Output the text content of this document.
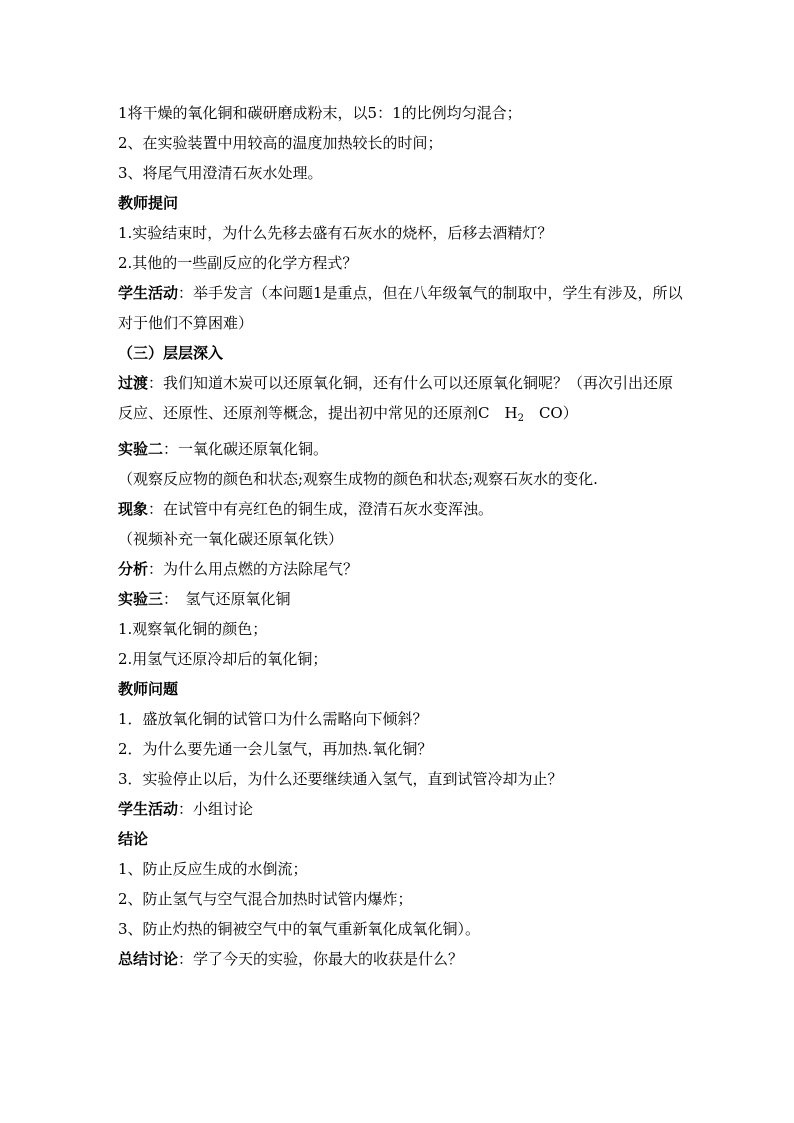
1将干燥的氧化铜和碳研磨成粉末，以5：1的比例均匀混合；
2、在实验装置中用较高的温度加热较长的时间；
3、将尾气用澄清石灰水处理。
教师提问
1.实验结束时，为什么先移去盛有石灰水的烧杯，后移去酒精灯？
2.其他的一些副反应的化学方程式？
学生活动：举手发言（本问题1是重点，但在八年级氧气的制取中，学生有涉及，所以对于他们不算困难）
（三）层层深入
过渡：我们知道木炭可以还原氧化铜，还有什么可以还原氧化铜呢？（再次引出还原反应、还原性、还原剂等概念，提出初中常见的还原剂C　$H_2$　CO）
实验二：一氧化碳还原氧化铜。
（观察反应物的颜色和状态;观察生成物的颜色和状态;观察石灰水的变化.
现象：在试管中有亮红色的铜生成，澄清石灰水变浑浊。
（视频补充一氧化碳还原氧化铁）
分析：为什么用点燃的方法除尾气？
实验三：　氢气还原氧化铜
1.观察氧化铜的颜色；
2.用氢气还原冷却后的氧化铜；
教师问题
1．盛放氧化铜的试管口为什么需略向下倾斜？
2．为什么要先通一会儿氢气，再加热.氧化铜？
3．实验停止以后，为什么还要继续通入氢气，直到试管冷却为止？
学生活动：小组讨论
结论
1、防止反应生成的水倒流；
2、防止氢气与空气混合加热时试管内爆炸；
3、防止灼热的铜被空气中的氧气重新氧化成氧化铜）。
总结讨论：学了今天的实验，你最大的收获是什么？
